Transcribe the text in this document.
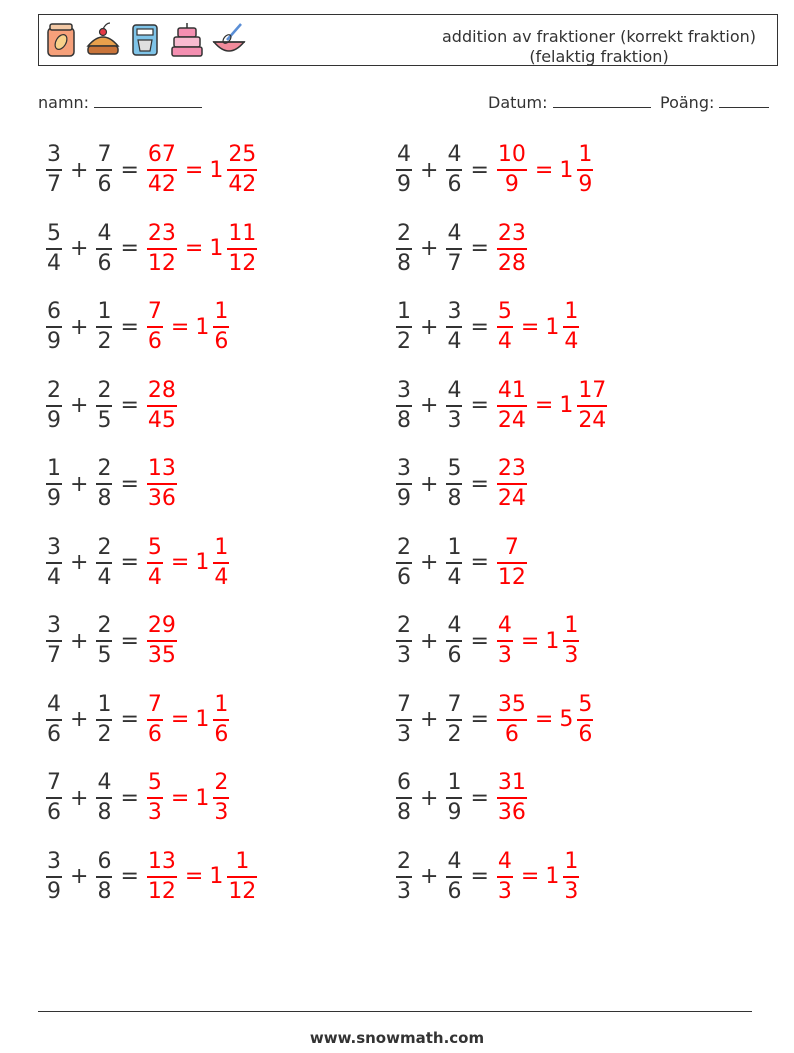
addition av fraktioner (korrekt fraktion)
(felaktig fraktion)
namn:	Datum:	Poäng:
$\frac{3}{7} + \frac{7}{6} = \frac{67}{42} = 1 \frac{25}{42}$	$\frac{4}{9} + \frac{4}{6} = \frac{10}{9} = 1 \frac{1}{9}$
$\frac{5}{4} + \frac{4}{6} = \frac{23}{12} = 1 \frac{11}{12}$	$\frac{2}{8} + \frac{4}{7} = \frac{23}{28}$
$\frac{6}{9} + \frac{1}{2} = \frac{7}{6} = 1 \frac{1}{6}$	$\frac{1}{2} + \frac{3}{4} = \frac{5}{4} = 1 \frac{1}{4}$
$\frac{2}{9} + \frac{2}{5} = \frac{28}{45}$	$\frac{3}{8} + \frac{4}{3} = \frac{41}{24} = 1 \frac{17}{24}$
$\frac{1}{9} + \frac{2}{8} = \frac{13}{36}$	$\frac{3}{9} + \frac{5}{8} = \frac{23}{24}$
$\frac{3}{4} + \frac{2}{4} = \frac{5}{4} = 1 \frac{1}{4}$	$\frac{2}{6} + \frac{1}{4} = \frac{7}{12}$
$\frac{3}{7} + \frac{2}{5} = \frac{29}{35}$	$\frac{2}{3} + \frac{4}{6} = \frac{4}{3} = 1 \frac{1}{3}$
$\frac{4}{6} + \frac{1}{2} = \frac{7}{6} = 1 \frac{1}{6}$	$\frac{7}{3} + \frac{7}{2} = \frac{35}{6} = 5 \frac{5}{6}$
$\frac{7}{6} + \frac{4}{8} = \frac{5}{3} = 1 \frac{2}{3}$	$\frac{6}{8} + \frac{1}{9} = \frac{31}{36}$
$\frac{3}{9} + \frac{6}{8} = \frac{13}{12} = 1 \frac{1}{12}$	$\frac{2}{3} + \frac{4}{6} = \frac{4}{3} = 1 \frac{1}{3}$
www.snowmath.com
